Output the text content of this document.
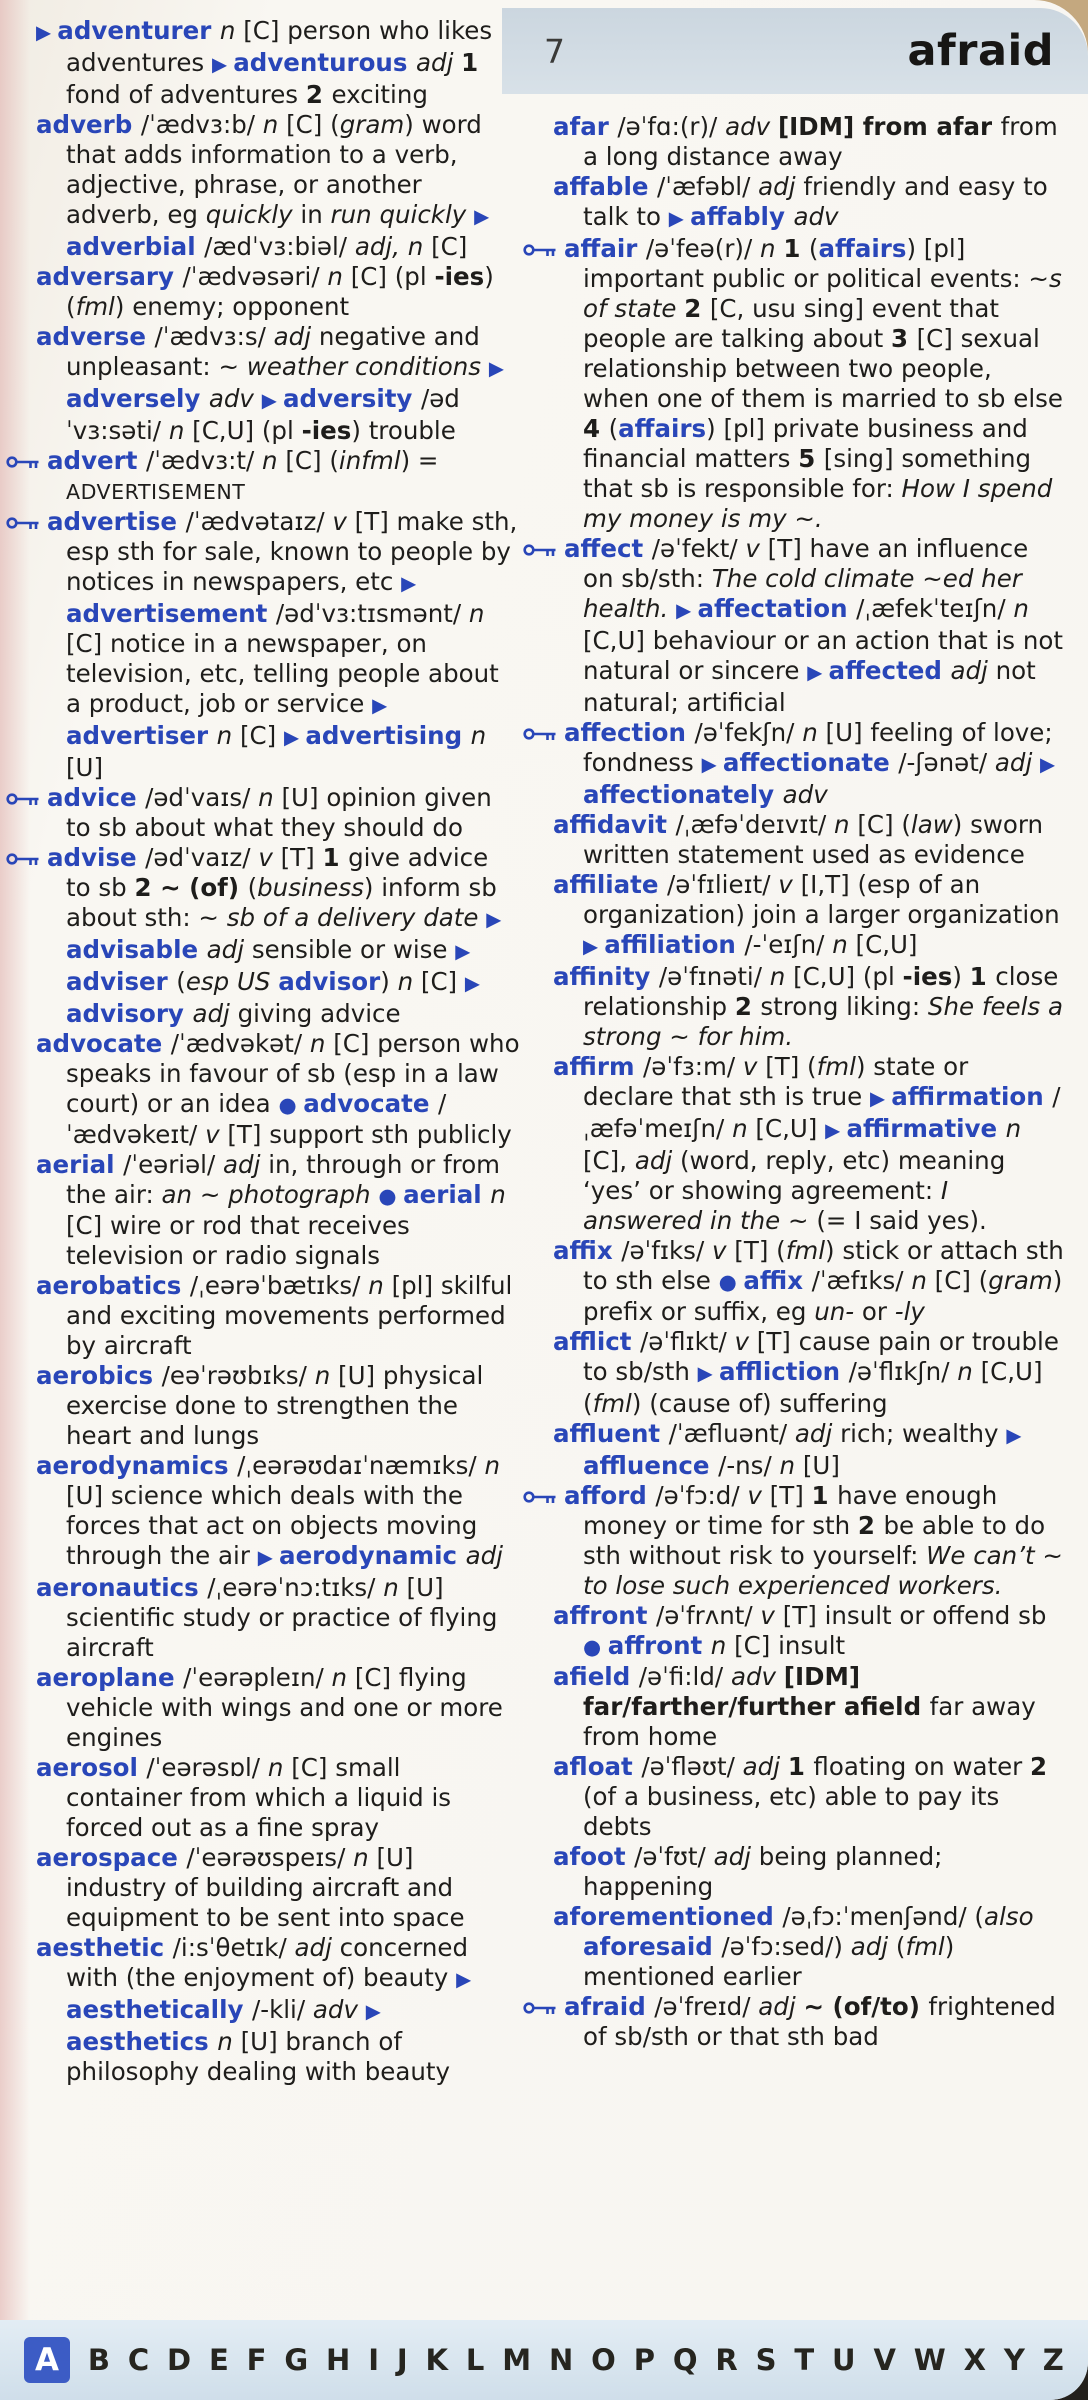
7	afraid
▶ adventurer n [C] person who likes adventures ▶ adventurous adj 1 fond of adventures 2 exciting
adverb /ˈædvɜ:b/ n [C] (gram) word that adds information to a verb, adjective, phrase, or another adverb, eg quickly in run quickly ▶ adverbial /ædˈvɜ:biəl/ adj, n [C]
adversary /ˈædvəsəri/ n [C] (pl -ies) (fml) enemy; opponent
adverse /ˈædvɜ:s/ adj negative and unpleasant: ~ weather conditions ▶ adversely adv ▶ adversity /ədˈvɜ:səti/ n [C,U] (pl -ies) trouble
advert /ˈædvɜ:t/ n [C] (infml) = ADVERTISEMENT
advertise /ˈædvətaɪz/ v [T] make sth, esp sth for sale, known to people by notices in newspapers, etc ▶ advertisement /ədˈvɜ:tɪsmənt/ n [C] notice in a newspaper, on television, etc, telling people about a product, job or service ▶ advertiser n [C] ▶ advertising n [U]
advice /ədˈvaɪs/ n [U] opinion given to sb about what they should do
advise /ədˈvaɪz/ v [T] 1 give advice to sb 2 ~ (of) (business) inform sb about sth: ~ sb of a delivery date ▶ advisable adj sensible or wise ▶ adviser (esp US advisor) n [C] ▶ advisory adj giving advice
advocate /ˈædvəkət/ n [C] person who speaks in favour of sb (esp in a law court) or an idea ● advocate /ˈædvəkeɪt/ v [T] support sth publicly
aerial /ˈeəriəl/ adj in, through or from the air: an ~ photograph ● aerial n [C] wire or rod that receives television or radio signals
aerobatics /ˌeərəˈbætɪks/ n [pl] skilful and exciting movements performed by aircraft
aerobics /eəˈrəʊbɪks/ n [U] physical exercise done to strengthen the heart and lungs
aerodynamics /ˌeərəʊdaɪˈnæmɪks/ n [U] science which deals with the forces that act on objects moving through the air ▶ aerodynamic adj
aeronautics /ˌeərəˈnɔ:tɪks/ n [U] scientific study or practice of flying aircraft
aeroplane /ˈeərəpleɪn/ n [C] flying vehicle with wings and one or more engines
aerosol /ˈeərəsɒl/ n [C] small container from which a liquid is forced out as a fine spray
aerospace /ˈeərəʊspeɪs/ n [U] industry of building aircraft and equipment to be sent into space
aesthetic /i:sˈθetɪk/ adj concerned with (the enjoyment of) beauty ▶ aesthetically /-kli/ adv ▶ aesthetics n [U] branch of philosophy dealing with beauty
afar /əˈfɑ:(r)/ adv [IDM] from afar from a long distance away
affable /ˈæfəbl/ adj friendly and easy to talk to ▶ affably adv
affair /əˈfeə(r)/ n 1 (affairs) [pl] important public or political events: ~s of state 2 [C, usu sing] event that people are talking about 3 [C] sexual relationship between two people, when one of them is married to sb else 4 (affairs) [pl] private business and financial matters 5 [sing] something that sb is responsible for: How I spend my money is my ~.
affect /əˈfekt/ v [T] have an influence on sb/sth: The cold climate ~ed her health. ▶ affectation /ˌæfekˈteɪʃn/ n [C,U] behaviour or an action that is not natural or sincere ▶ affected adj not natural; artificial
affection /əˈfekʃn/ n [U] feeling of love; fondness ▶ affectionate /-ʃənət/ adj ▶ affectionately adv
affidavit /ˌæfəˈdeɪvɪt/ n [C] (law) sworn written statement used as evidence
affiliate /əˈfɪlieɪt/ v [I,T] (esp of an organization) join a larger organization ▶ affiliation /-ˈeɪʃn/ n [C,U]
affinity /əˈfɪnəti/ n [C,U] (pl -ies) 1 close relationship 2 strong liking: She feels a strong ~ for him.
affirm /əˈfɜ:m/ v [T] (fml) state or declare that sth is true ▶ affirmation /ˌæfəˈmeɪʃn/ n [C,U] ▶ affirmative n [C], adj (word, reply, etc) meaning ‘yes’ or showing agreement: I answered in the ~ (= I said yes).
affix /əˈfɪks/ v [T] (fml) stick or attach sth to sth else ● affix /ˈæfɪks/ n [C] (gram) prefix or suffix, eg un- or -ly
afflict /əˈflɪkt/ v [T] cause pain or trouble to sb/sth ▶ affliction /əˈflɪkʃn/ n [C,U] (fml) (cause of) suffering
affluent /ˈæfluənt/ adj rich; wealthy ▶ affluence /-ns/ n [U]
afford /əˈfɔ:d/ v [T] 1 have enough money or time for sth 2 be able to do sth without risk to yourself: We can’t ~ to lose such experienced workers.
affront /əˈfrʌnt/ v [T] insult or offend sb ● affront n [C] insult
afield /əˈfi:ld/ adv [IDM] far/farther/further afield far away from home
afloat /əˈfləʊt/ adj 1 floating on water 2 (of a business, etc) able to pay its debts
afoot /əˈfʊt/ adj being planned; happening
aforementioned /əˌfɔ:ˈmenʃənd/ (also aforesaid /əˈfɔ:sed/) adj (fml) mentioned earlier
afraid /əˈfreɪd/ adj ~ (of/to) frightened of sb/sth or that sth bad
A B C D E F G H I J K L M N O P Q R S T U V W X Y Z
